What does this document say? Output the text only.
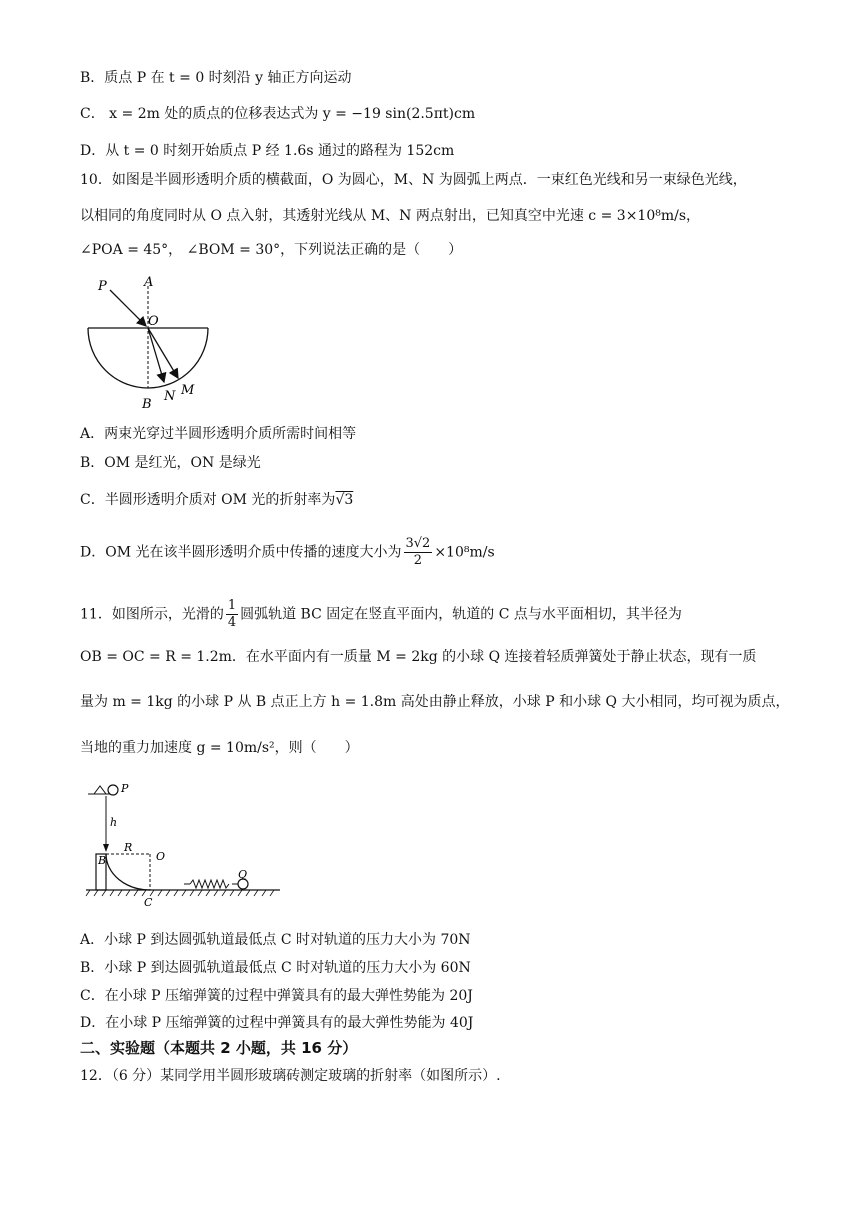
B．质点 P 在 t = 0 时刻沿 y 轴正方向运动
C． x = 2m 处的质点的位移表达式为 y = −19 sin(2.5πt)cm
D．从 t = 0 时刻开始质点 P 经 1.6s 通过的路程为 152cm
10．如图是半圆形透明介质的横截面，O 为圆心，M、N 为圆弧上两点．一束红色光线和另一束绿色光线，
以相同的角度同时从 O 点入射，其透射光线从 M、N 两点射出，已知真空中光速 c = 3×10⁸m/s，
∠POA = 45°， ∠BOM = 30°，下列说法正确的是（　　）
P	A
O
B
N M
A．两束光穿过半圆形透明介质所需时间相等
B．OM 是红光，ON 是绿光
C．半圆形透明介质对 OM 光的折射率为√3
D．OM 光在该半圆形透明介质中传播的速度大小为 $\frac{3√2}{2} \times 10^8m/s$
11．如图所示，光滑的 $\frac{1}{4}$ 圆弧轨道 BC 固定在竖直平面内，轨道的 C 点与水平面相切，其半径为
OB = OC = R = 1.2m．在水平面内有一质量 M = 2kg 的小球 Q 连接着轻质弹簧处于静止状态，现有一质
量为 m = 1kg 的小球 P 从 B 点正上方 h = 1.8m 高处由静止释放，小球 P 和小球 Q 大小相同，均可视为质点，
当地的重力加速度 g = 10m/s²，则（　　）
P
h
B
R
O
C
Q
A．小球 P 到达圆弧轨道最低点 C 时对轨道的压力大小为 70N
B．小球 P 到达圆弧轨道最低点 C 时对轨道的压力大小为 60N
C．在小球 P 压缩弹簧的过程中弹簧具有的最大弹性势能为 20J
D．在小球 P 压缩弹簧的过程中弹簧具有的最大弹性势能为 40J
二、实验题（本题共 2 小题，共 16 分）
12．（6 分）某同学用半圆形玻璃砖测定玻璃的折射率（如图所示）.
